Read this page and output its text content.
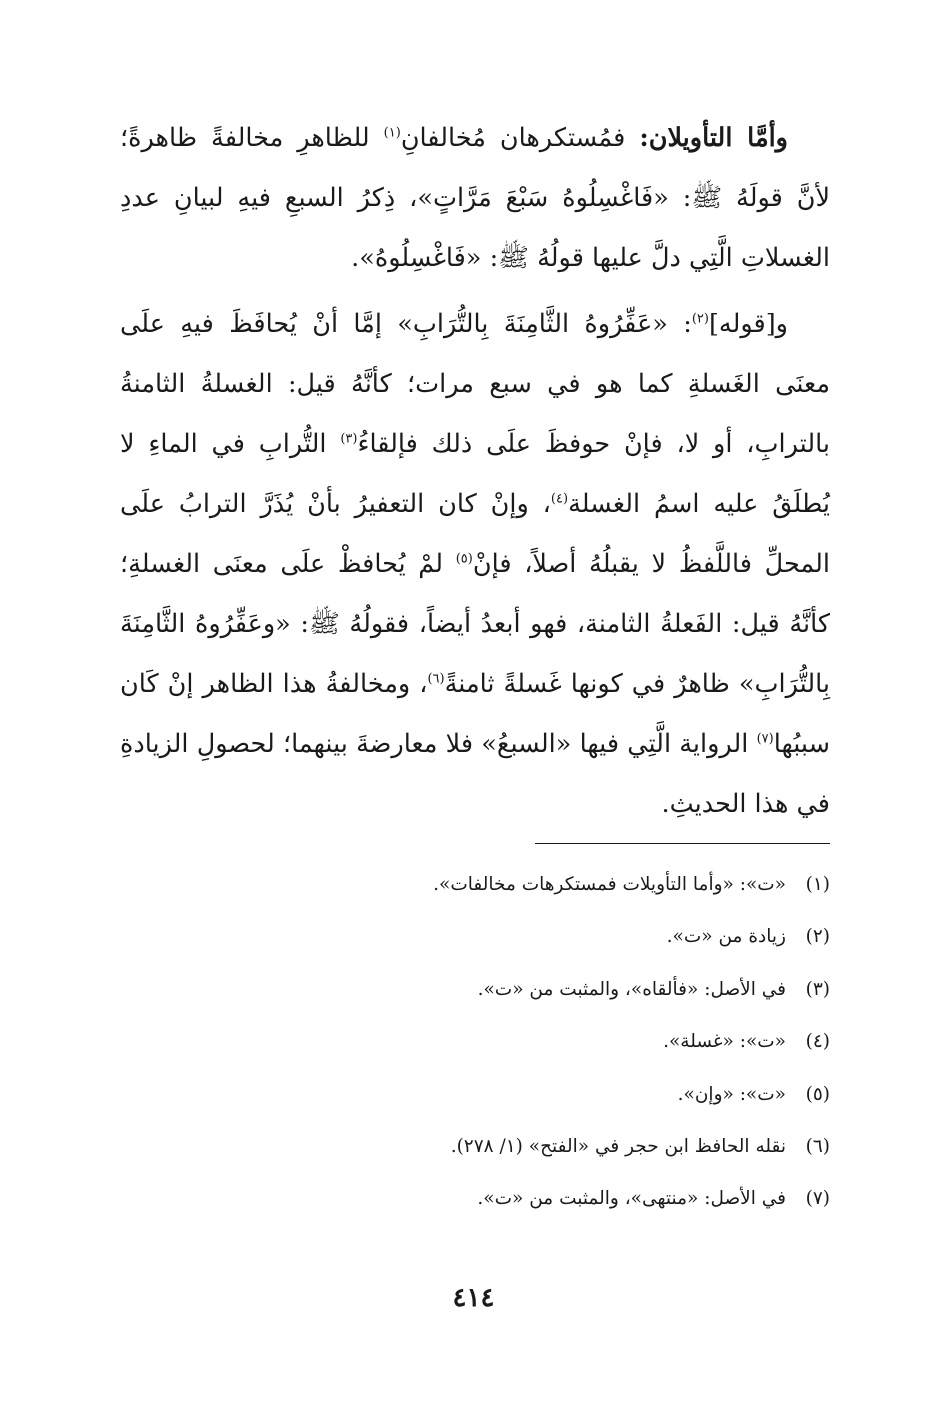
وأمَّا التأويلان: فمُستكرهان مُخالفانِ$^{(١)}$ للظاهرِ مخالفةً ظاهرةً؛ لأنَّ قولَهُ ﷺ: «فَاغْسِلُوهُ سَبْعَ مَرَّاتٍ»، ذِكرُ السبعِ فيهِ لبيانِ عددِ الغسلاتِ الَّتِي دلَّ عليها قولُهُ ﷺ: «فَاغْسِلُوهُ».

و[قوله]$^{(٢)}$: «عَفِّرُوهُ الثَّامِنَةَ بِالتُّرَابِ» إمَّا أنْ يُحافَظَ فيهِ علَى معنَى الغَسلةِ كما هو في سبع مرات؛ كأنَّهُ قيل: الغسلةُ الثامنةُ بالترابِ، أو لا، فإنْ حوفظَ علَى ذلك فإلقاءُ$^{(٣)}$ التُّرابِ في الماءِ لا يُطلَقُ عليه اسمُ الغسلة$^{(٤)}$، وإنْ كان التعفيرُ بأنْ يُذَرَّ الترابُ علَى المحلِّ فاللَّفظُ لا يقبلُهُ أصلاً، فإنْ$^{(٥)}$ لمْ يُحافظْ علَى معنَى الغسلةِ؛ كأنَّهُ قيل: الفَعلةُ الثامنة، فهو أبعدُ أيضاً، فقولُهُ ﷺ: «وعَفِّرُوهُ الثَّامِنَةَ بِالتُّرَابِ» ظاهرٌ في كونها غَسلةً ثامنةً$^{(٦)}$، ومخالفةُ هذا الظاهر إنْ كَان سببُها$^{(٧)}$ الرواية الَّتِي فيها «السبعُ» فلا معارضةَ بينهما؛ لحصولِ الزيادةِ في هذا الحديثِ.

(١)«ت»: «وأما التأويلات فمستكرهات مخالفات».
(٢)زيادة من «ت».
(٣)في الأصل: «فألقاه»، والمثبت من «ت».
(٤)«ت»: «غسلة».
(٥)«ت»: «وإن».
(٦)نقله الحافظ ابن حجر في «الفتح» (١/ ٢٧٨).
(٧)في الأصل: «منتهى»، والمثبت من «ت».
٤١٤
